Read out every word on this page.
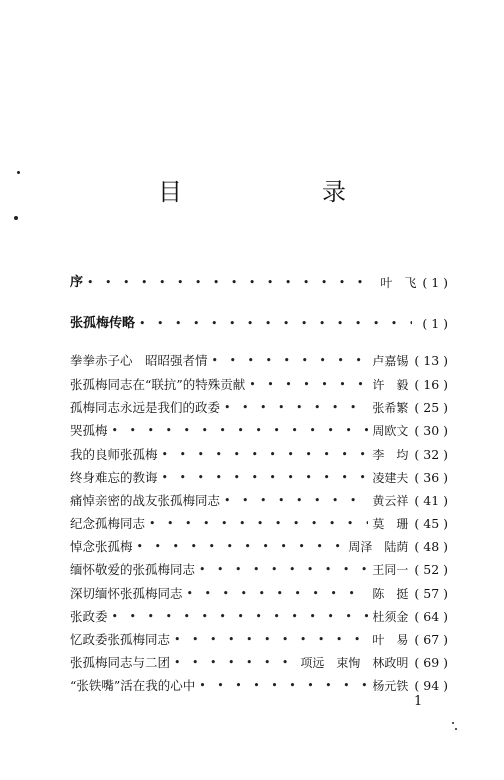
目　录
序 • • •	叶　飞 ( 1 )
张孤梅传略 • • •	( 1 )
拳拳赤子心　昭昭强者情 • • •	卢嘉锡 ( 13 )
张孤梅同志在“联抗”的特殊贡献 • • •	许　毅 ( 16 )
孤梅同志永远是我们的政委 • • •	张希繁 ( 25 )
哭孤梅 • • •	周欧文 ( 30 )
我的良师张孤梅 • • •	李　均 ( 32 )
终身难忘的教诲 • • •	凌建夫 ( 36 )
痛悼亲密的战友张孤梅同志 • • •	黄云祥 ( 41 )
纪念孤梅同志 • • •	莫　珊 ( 45 )
悼念张孤梅 • • •	周泽　陆荫 ( 48 )
缅怀敬爱的张孤梅同志 • • •	王同一 ( 52 )
深切缅怀张孤梅同志 • • •	陈　挺 ( 57 )
张政委 • • •	杜须金 ( 64 )
忆政委张孤梅同志 • • •	叶　易 ( 67 )
张孤梅同志与二团 • • •	项远　束恂　林政明 ( 69 )
“张铁嘴”活在我的心中 • • •	杨元铁 ( 94 )
1
